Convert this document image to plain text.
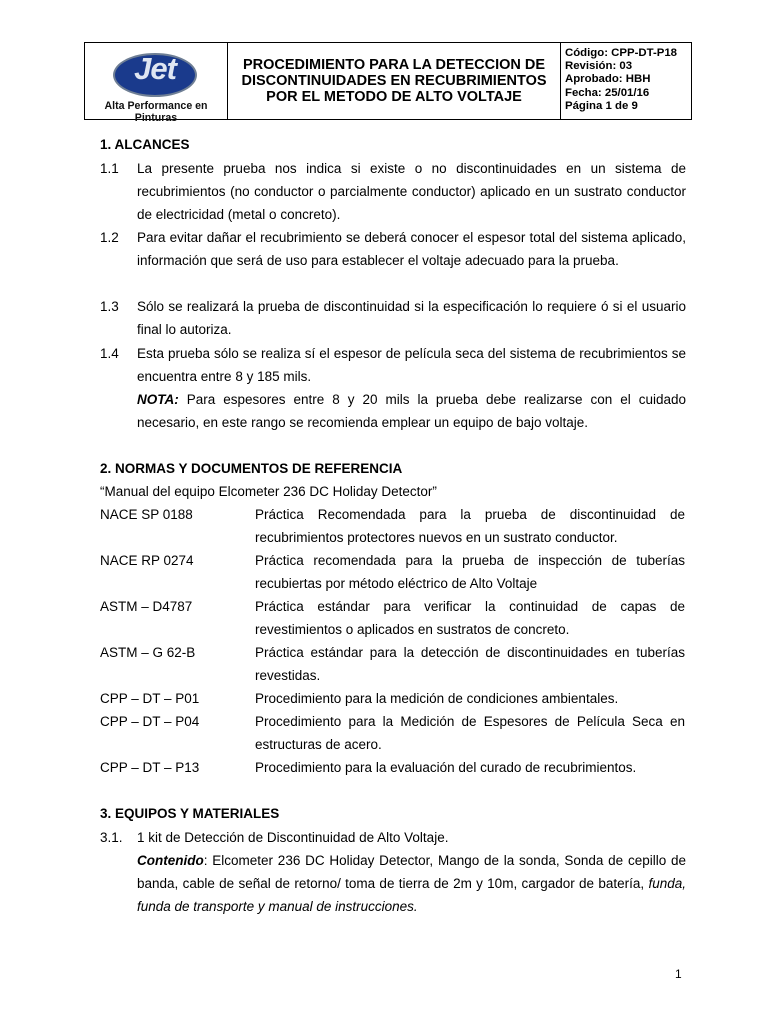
Jet
Alta Performance en Pinturas
PROCEDIMIENTO PARA LA DETECCION DE
DISCONTINUIDADES EN RECUBRIMIENTOS
POR EL METODO DE ALTO VOLTAJE
Código: CPP-DT-P18
Revisión: 03
Aprobado: HBH
Fecha: 25/01/16
Página 1 de 9
1. ALCANCES
1.1 La presente prueba nos indica si existe o no discontinuidades en un sistema de recubrimientos (no conductor o parcialmente conductor) aplicado en un sustrato conductor de electricidad (metal o concreto).
1.2 Para evitar dañar el recubrimiento se deberá conocer el espesor total del sistema aplicado, información que será de uso para establecer el voltaje adecuado para la prueba.
1.3 Sólo se realizará la prueba de discontinuidad si la especificación lo requiere ó si el usuario final lo autoriza.
1.4 Esta prueba sólo se realiza sí el espesor de película seca del sistema de recubrimientos se encuentra entre 8 y 185 mils.
NOTA: Para espesores entre 8 y 20 mils la prueba debe realizarse con el cuidado necesario, en este rango se recomienda emplear un equipo de bajo voltaje.
2. NORMAS Y DOCUMENTOS DE REFERENCIA
“Manual del equipo Elcometer 236 DC Holiday Detector”
NACE SP 0188	Práctica Recomendada para la prueba de discontinuidad de recubrimientos protectores nuevos en un sustrato conductor.
NACE RP 0274	Práctica recomendada para la prueba de inspección de tuberías recubiertas por método eléctrico de Alto Voltaje
ASTM – D4787	Práctica estándar para verificar la continuidad de capas de revestimientos o aplicados en sustratos de concreto.
ASTM – G 62-B	Práctica estándar para la detección de discontinuidades en tuberías revestidas.
CPP – DT – P01	Procedimiento para la medición de condiciones ambientales.
CPP – DT – P04	Procedimiento para la Medición de Espesores de Película Seca en estructuras de acero.
CPP – DT – P13	Procedimiento para la evaluación del curado de recubrimientos.
3. EQUIPOS Y MATERIALES
3.1. 1 kit de Detección de Discontinuidad de Alto Voltaje.
Contenido: Elcometer 236 DC Holiday Detector, Mango de la sonda, Sonda de cepillo de banda, cable de señal de retorno/ toma de tierra de 2m y 10m, cargador de batería, funda, funda de transporte y manual de instrucciones.
1
